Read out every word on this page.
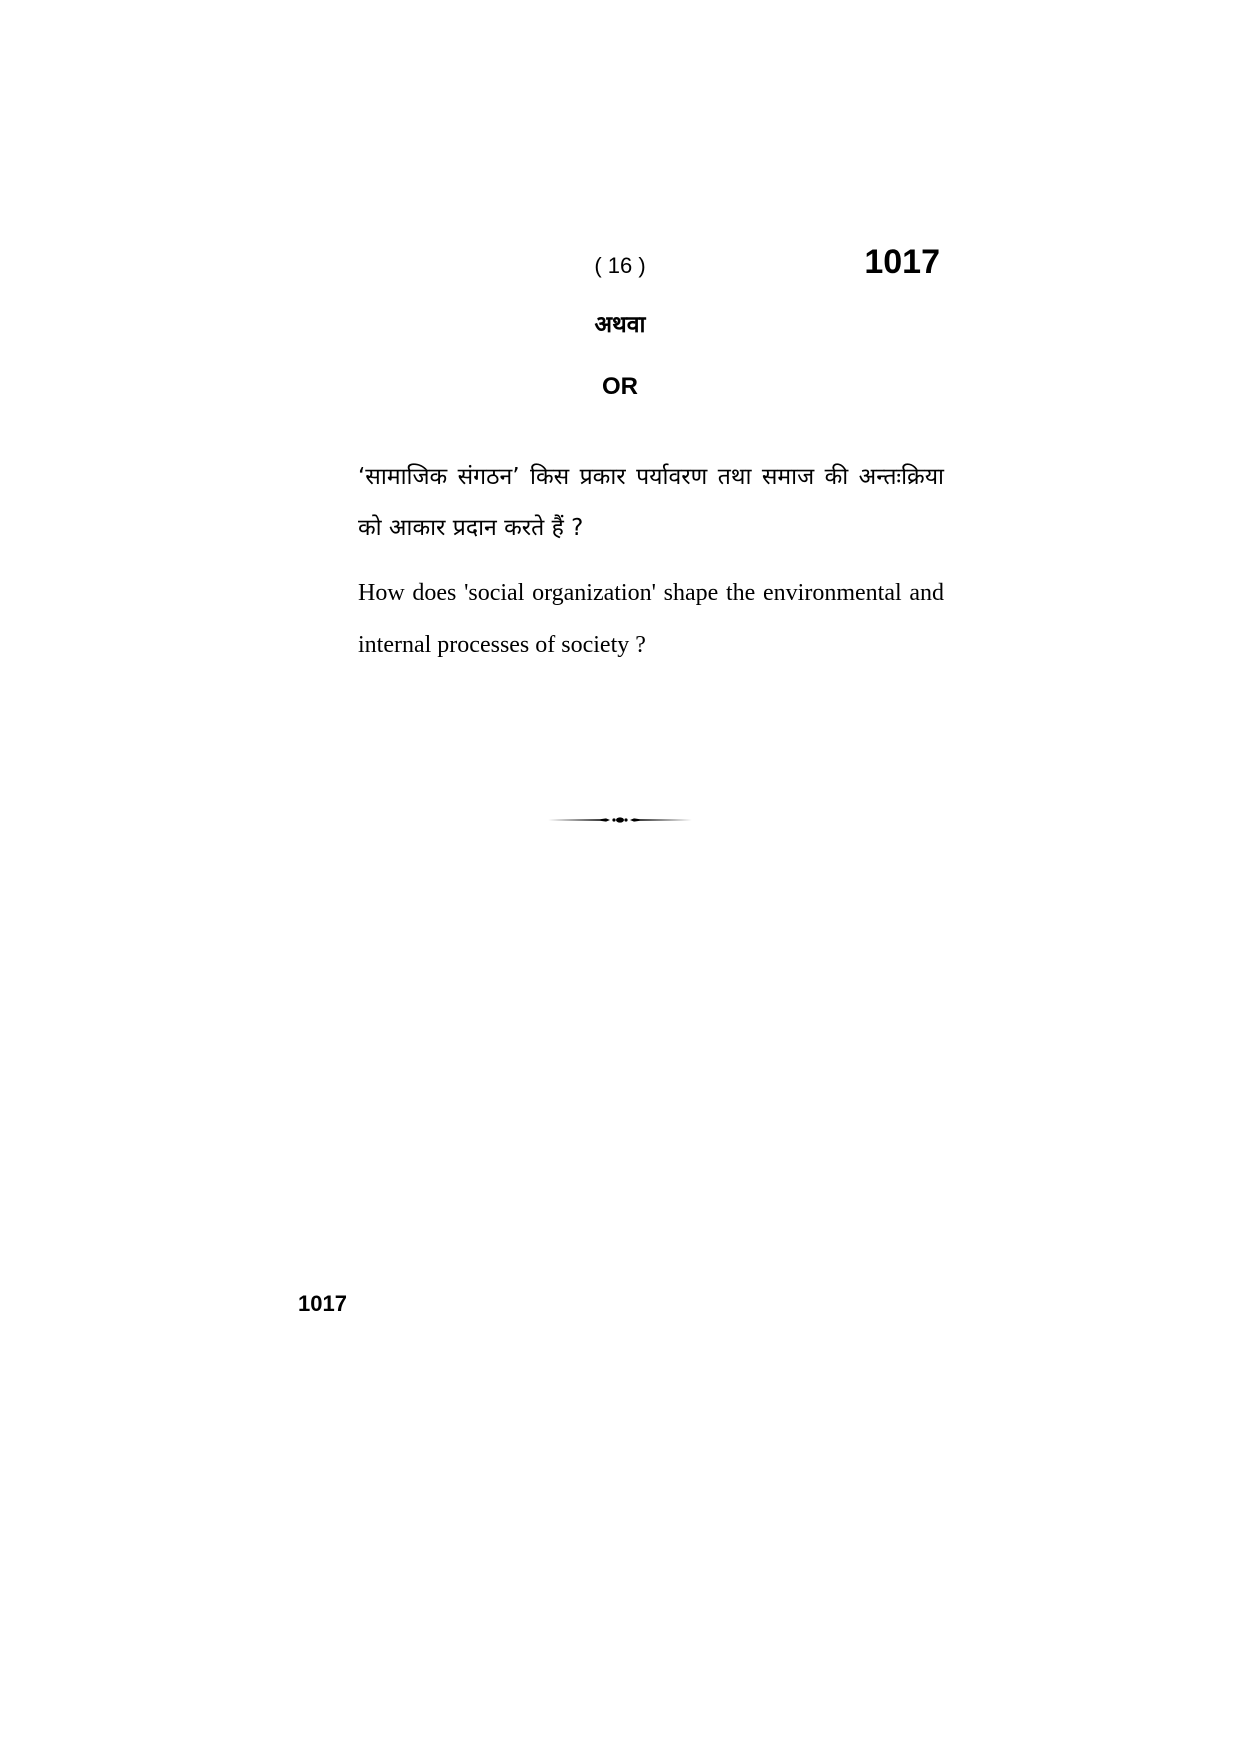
( 16 )	1017
अथवा
OR
‘सामाजिक संगठन’ किस प्रकार पर्यावरण तथा समाज की अन्तःक्रिया को आकार प्रदान करते हैं ?
How does 'social organization' shape the environmental and internal processes of society ?
1017
